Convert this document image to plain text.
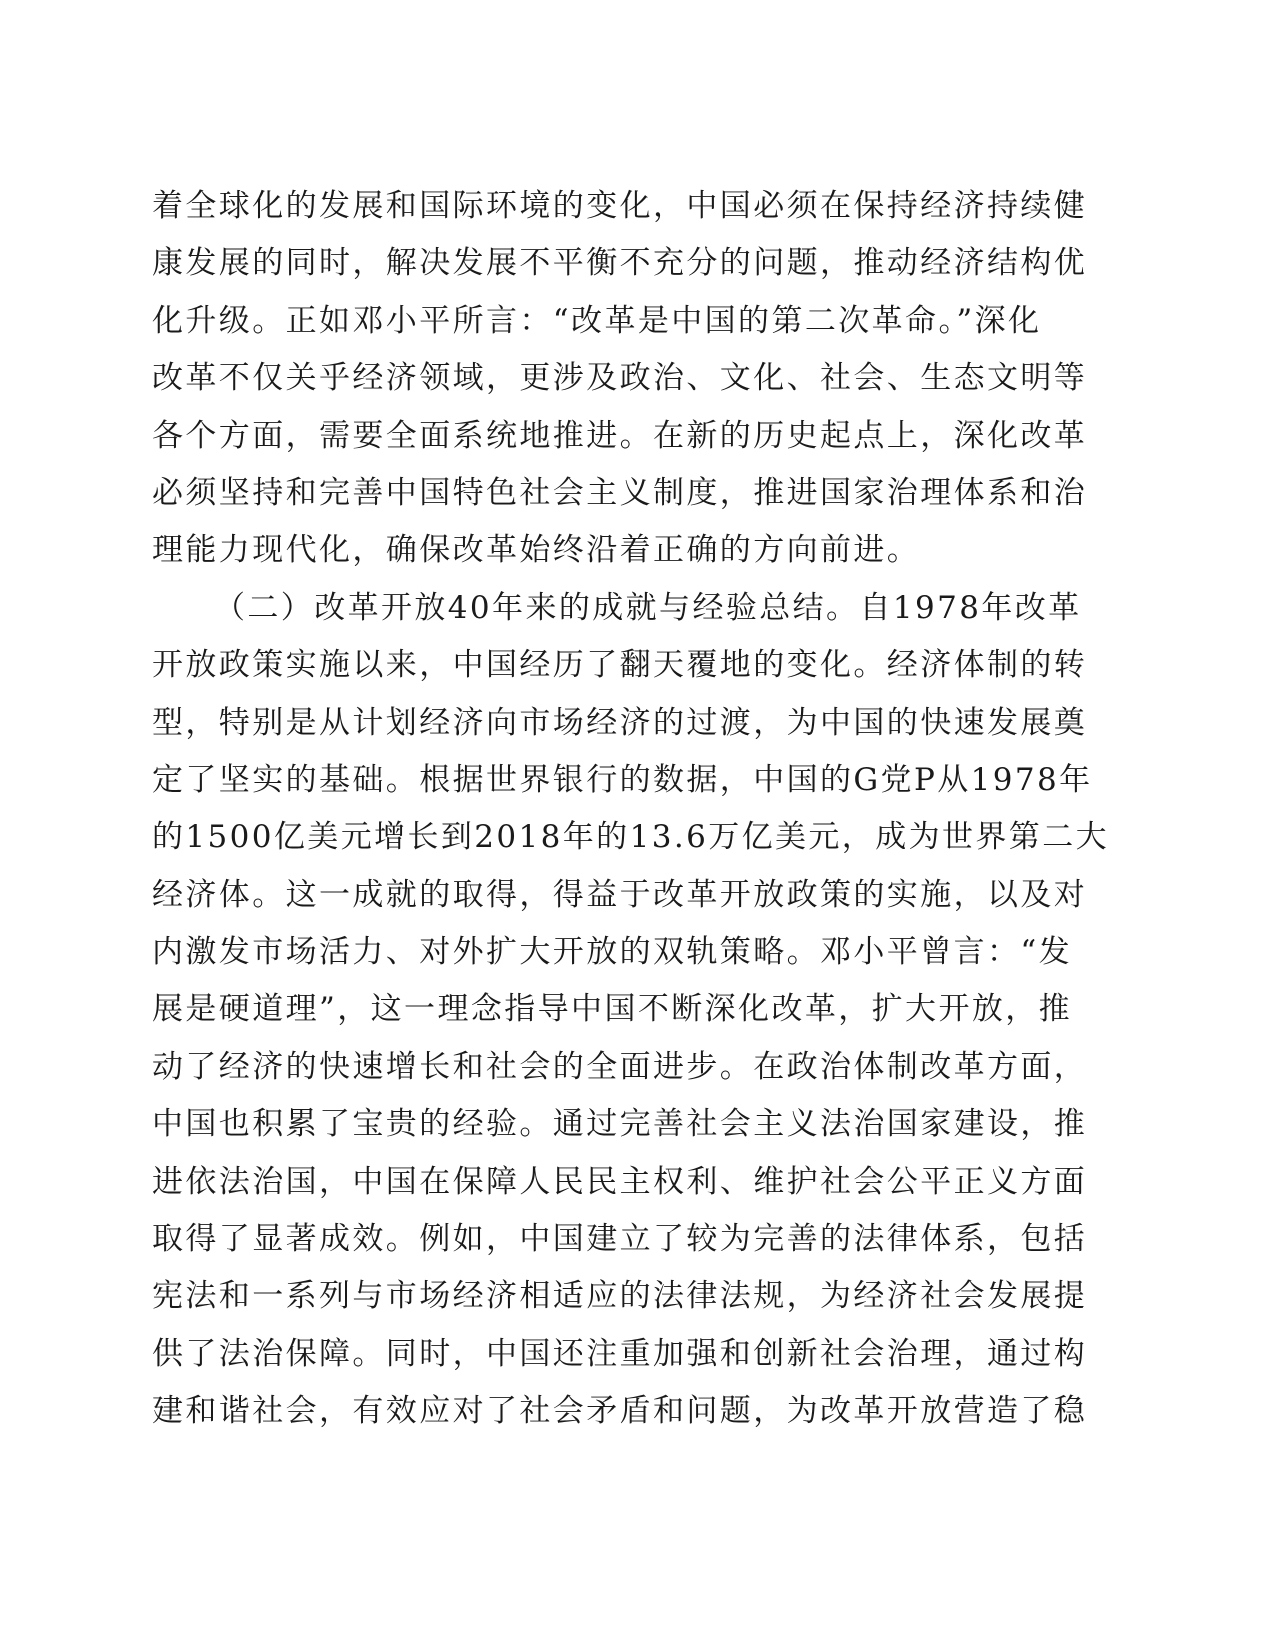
着全球化的发展和国际环境的变化，中国必须在保持经济持续健
康发展的同时，解决发展不平衡不充分的问题，推动经济结构优
化升级。正如邓小平所言：“改革是中国的第二次革命。”深化
改革不仅关乎经济领域，更涉及政治、文化、社会、生态文明等
各个方面，需要全面系统地推进。在新的历史起点上，深化改革
必须坚持和完善中国特色社会主义制度，推进国家治理体系和治
理能力现代化，确保改革始终沿着正确的方向前进。
（二）改革开放40年来的成就与经验总结。自1978年改革
开放政策实施以来，中国经历了翻天覆地的变化。经济体制的转
型，特别是从计划经济向市场经济的过渡，为中国的快速发展奠
定了坚实的基础。根据世界银行的数据，中国的G党P从1978年
的1500亿美元增长到2018年的13.6万亿美元，成为世界第二大
经济体。这一成就的取得，得益于改革开放政策的实施，以及对
内激发市场活力、对外扩大开放的双轨策略。邓小平曾言：“发
展是硬道理”，这一理念指导中国不断深化改革，扩大开放，推
动了经济的快速增长和社会的全面进步。在政治体制改革方面，
中国也积累了宝贵的经验。通过完善社会主义法治国家建设，推
进依法治国，中国在保障人民民主权利、维护社会公平正义方面
取得了显著成效。例如，中国建立了较为完善的法律体系，包括
宪法和一系列与市场经济相适应的法律法规，为经济社会发展提
供了法治保障。同时，中国还注重加强和创新社会治理，通过构
建和谐社会，有效应对了社会矛盾和问题，为改革开放营造了稳
